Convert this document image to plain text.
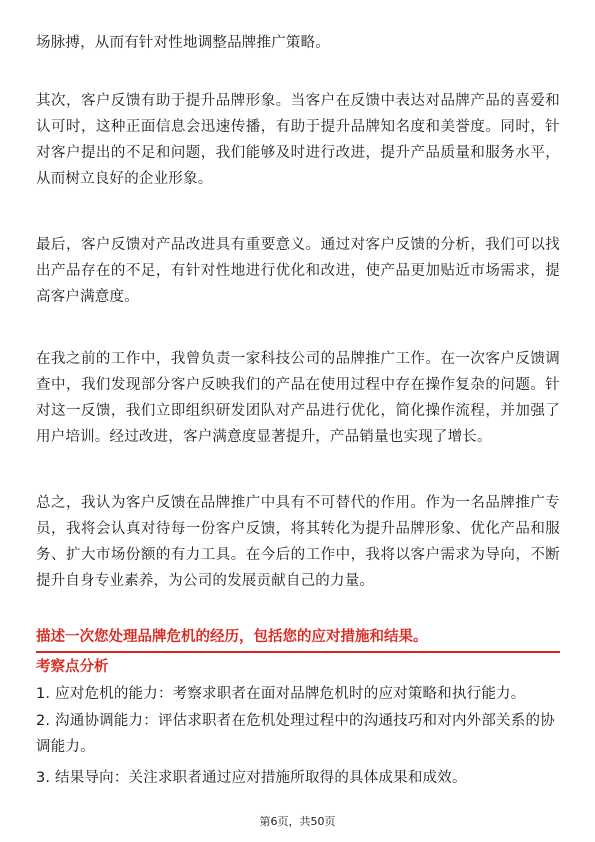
场脉搏，从而有针对性地调整品牌推广策略。

其次，客户反馈有助于提升品牌形象。当客户在反馈中表达对品牌产品的喜爱和认可时，这种正面信息会迅速传播，有助于提升品牌知名度和美誉度。同时，针对客户提出的不足和问题，我们能够及时进行改进，提升产品质量和服务水平，从而树立良好的企业形象。

最后，客户反馈对产品改进具有重要意义。通过对客户反馈的分析，我们可以找出产品存在的不足，有针对性地进行优化和改进，使产品更加贴近市场需求，提高客户满意度。

在我之前的工作中，我曾负责一家科技公司的品牌推广工作。在一次客户反馈调查中，我们发现部分客户反映我们的产品在使用过程中存在操作复杂的问题。针对这一反馈，我们立即组织研发团队对产品进行优化，简化操作流程，并加强了用户培训。经过改进，客户满意度显著提升，产品销量也实现了增长。

总之，我认为客户反馈在品牌推广中具有不可替代的作用。作为一名品牌推广专员，我将会认真对待每一份客户反馈，将其转化为提升品牌形象、优化产品和服务、扩大市场份额的有力工具。在今后的工作中，我将以客户需求为导向，不断提升自身专业素养，为公司的发展贡献自己的力量。

描述一次您处理品牌危机的经历，包括您的应对措施和结果。

考察点分析

1. 应对危机的能力：考察求职者在面对品牌危机时的应对策略和执行能力。

2. 沟通协调能力：评估求职者在危机处理过程中的沟通技巧和对内外部关系的协调能力。

3. 结果导向：关注求职者通过应对措施所取得的具体成果和成效。

第6页，共50页
